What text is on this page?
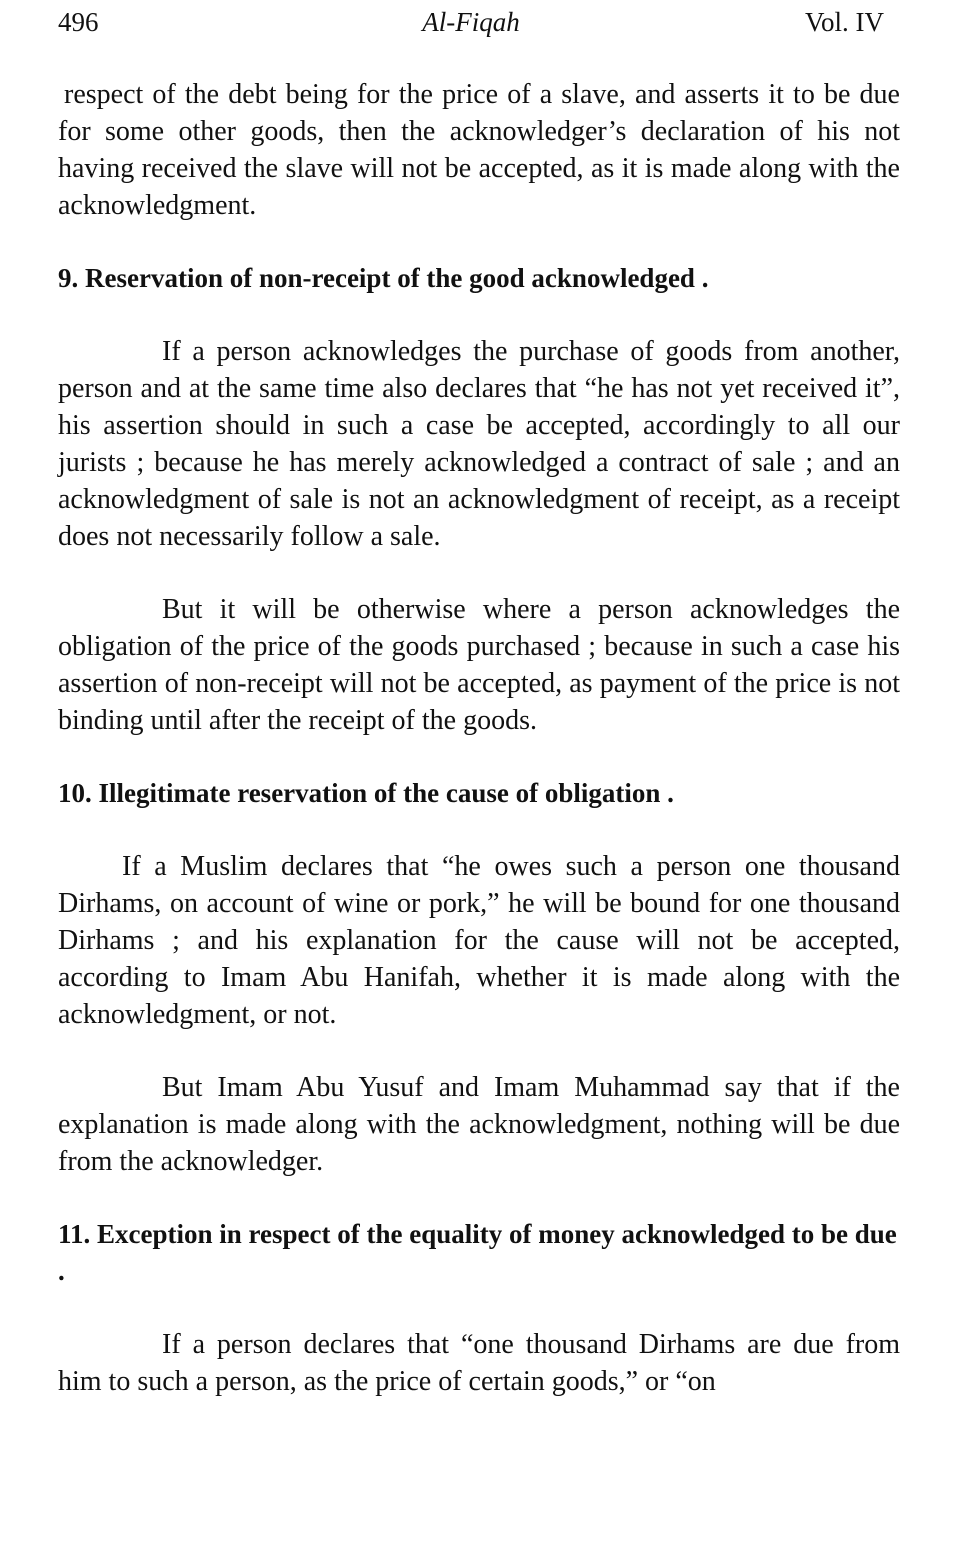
496	Al-Fiqah	Vol. IV

respect of the debt being for the price of a slave, and asserts it to be due for some other goods, then the acknowledger’s declaration of his not having received the slave will not be accepted, as it is made along with the acknowledgment.

9. Reservation of non-receipt of the good acknowledged .

If a person acknowledges the purchase of goods from another, person and at the same time also declares that “he has not yet received it”, his assertion should in such a case be accepted, accordingly to all our jurists ; because he has merely acknowledged a contract of sale ; and an acknowledgment of sale is not an acknowledgment of receipt, as a receipt does not necessarily follow a sale.

But it will be otherwise where a person acknowledges the obligation of the price of the goods purchased ; because in such a case his assertion of non-receipt will not be accepted, as payment of the price is not binding until after the receipt of the goods.

10. Illegitimate reservation of the cause of obligation .

If a Muslim declares that “he owes such a person one thousand Dirhams, on account of wine or pork,” he will be bound for one thousand Dirhams ; and his explanation for the cause will not be accepted, according to Imam Abu Hanifah, whether it is made along with the acknowledgment, or not.

But Imam Abu Yusuf and Imam Muhammad say that if the explanation is made along with the acknowledgment, nothing will be due from the acknowledger.

11. Exception in respect of the equality of money acknowledged to be due .

If a person declares that “one thousand Dirhams are due from him to such a person, as the price of certain goods,” or “on
